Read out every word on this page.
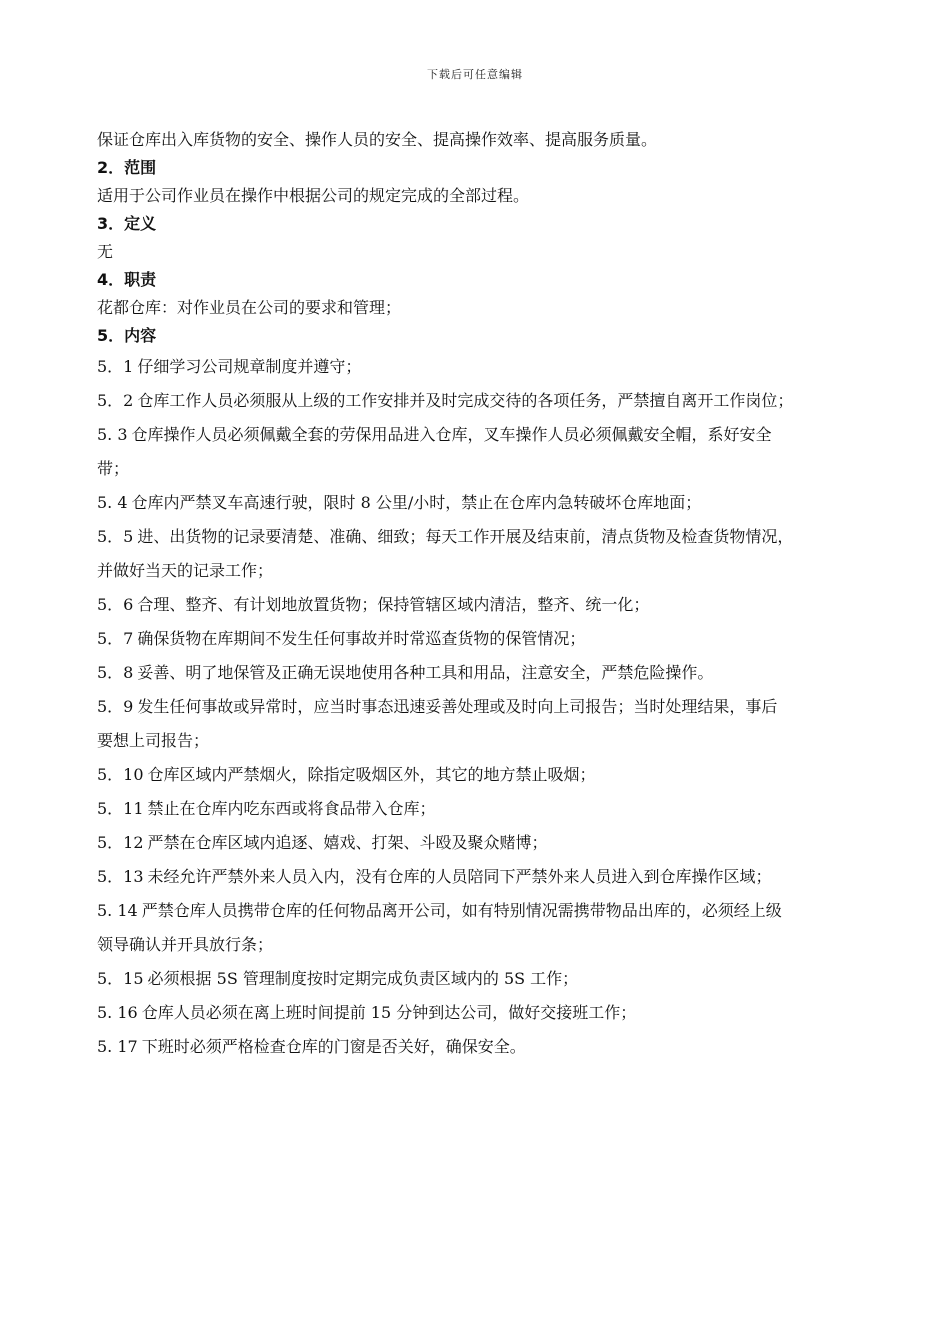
下载后可任意编辑
保证仓库出入库货物的安全、操作人员的安全、提高操作效率、提高服务质量。
2．范围
适用于公司作业员在操作中根据公司的规定完成的全部过程。
3．定义
无
4．职责
花都仓库：对作业员在公司的要求和管理；
5．内容
5．1 仔细学习公司规章制度并遵守；
5．2 仓库工作人员必须服从上级的工作安排并及时完成交待的各项任务，严禁擅自离开工作岗位；
5. 3 仓库操作人员必须佩戴全套的劳保用品进入仓库，叉车操作人员必须佩戴安全帽，系好安全
带；
5. 4 仓库内严禁叉车高速行驶，限时 8 公里/小时，禁止在仓库内急转破坏仓库地面；
5．5 进、出货物的记录要清楚、准确、细致；每天工作开展及结束前，清点货物及检查货物情况，
并做好当天的记录工作；
5．6 合理、整齐、有计划地放置货物；保持管辖区域内清洁，整齐、统一化；
5．7 确保货物在库期间不发生任何事故并时常巡查货物的保管情况；
5．8 妥善、明了地保管及正确无误地使用各种工具和用品，注意安全，严禁危险操作。
5．9 发生任何事故或异常时，应当时事态迅速妥善处理或及时向上司报告；当时处理结果，事后
要想上司报告；
5．10 仓库区域内严禁烟火，除指定吸烟区外，其它的地方禁止吸烟；
5．11 禁止在仓库内吃东西或将食品带入仓库；
5．12 严禁在仓库区域内追逐、嬉戏、打架、斗殴及聚众赌博；
5．13 未经允许严禁外来人员入内，没有仓库的人员陪同下严禁外来人员进入到仓库操作区域；
5. 14 严禁仓库人员携带仓库的任何物品离开公司，如有特别情况需携带物品出库的，必须经上级
领导确认并开具放行条；
5．15 必须根据 5S 管理制度按时定期完成负责区域内的 5S 工作；
5. 16 仓库人员必须在离上班时间提前 15 分钟到达公司，做好交接班工作；
5. 17 下班时必须严格检查仓库的门窗是否关好，确保安全。
